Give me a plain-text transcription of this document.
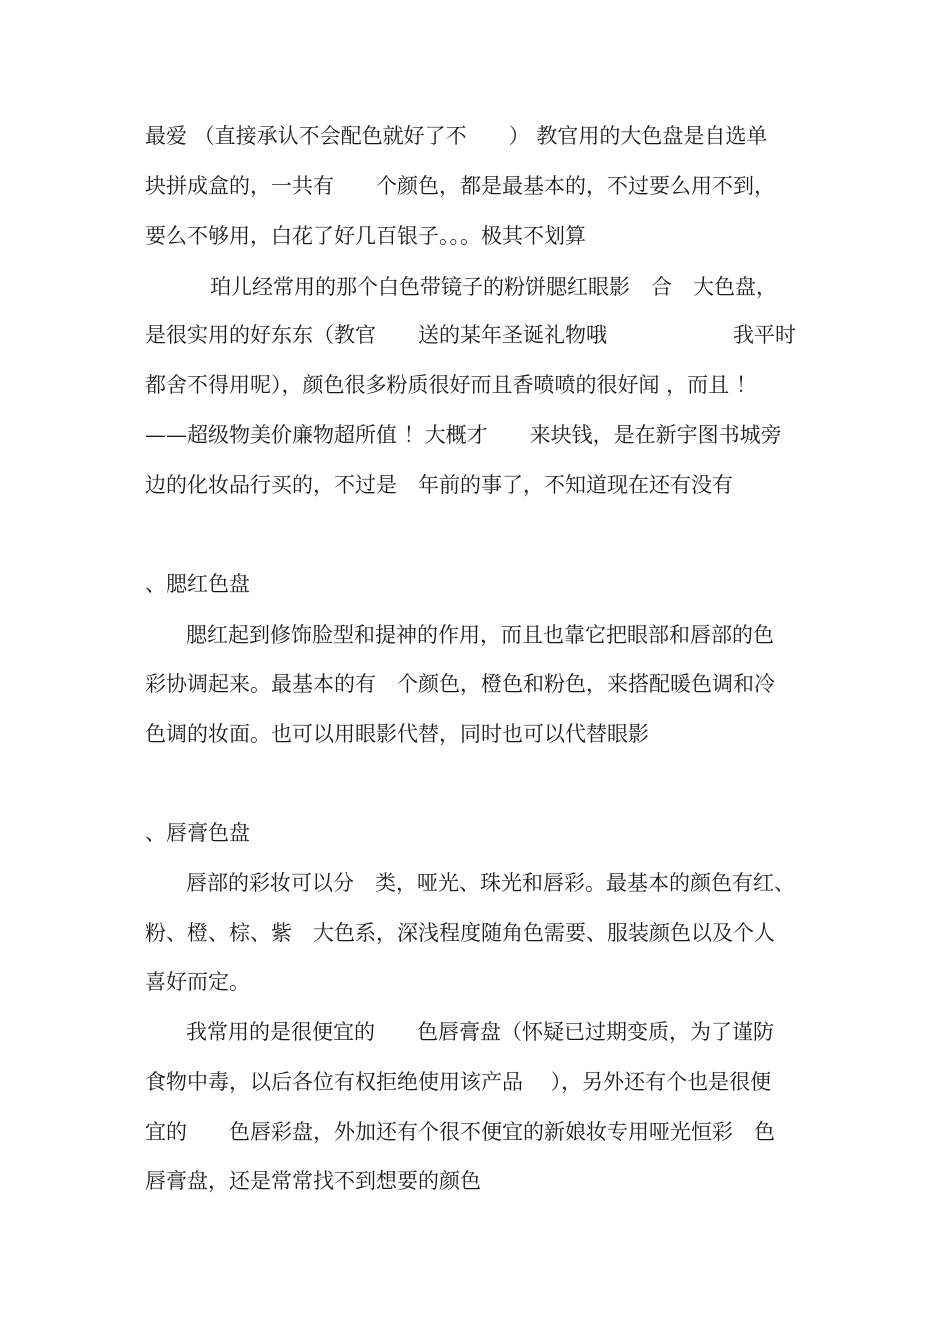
最爱 （直接承认不会配色就好了不　　） 教官用的大色盘是自选单
块拼成盒的，一共有　　个颜色，都是最基本的，不过要么用不到，
要么不够用，白花了好几百银子。。。极其不划算
珀儿经常用的那个白色带镜子的粉饼腮红眼影　合　大色盘，
是很实用的好东东（教官　　送的某年圣诞礼物哦　　　　　　我平时
都舍不得用呢），颜色很多粉质很好而且香喷喷的很好闻 ，而且 ！
——超级物美价廉物超所值 ！大概才　　来块钱，是在新宇图书城旁
边的化妆品行买的，不过是　年前的事了，不知道现在还有没有
、腮红色盘
腮红起到修饰脸型和提神的作用，而且也靠它把眼部和唇部的色
彩协调起来。最基本的有　个颜色，橙色和粉色，来搭配暖色调和冷
色调的妆面。也可以用眼影代替，同时也可以代替眼影
、唇膏色盘
唇部的彩妆可以分　类，哑光、珠光和唇彩。最基本的颜色有红、
粉、橙、棕、紫　大色系，深浅程度随角色需要、服装颜色以及个人
喜好而定。
我常用的是很便宜的　　色唇膏盘（怀疑已过期变质，为了谨防
食物中毒，以后各位有权拒绝使用该产品　 ），另外还有个也是很便
宜的　　色唇彩盘，外加还有个很不便宜的新娘妆专用哑光恒彩　色
唇膏盘，还是常常找不到想要的颜色
